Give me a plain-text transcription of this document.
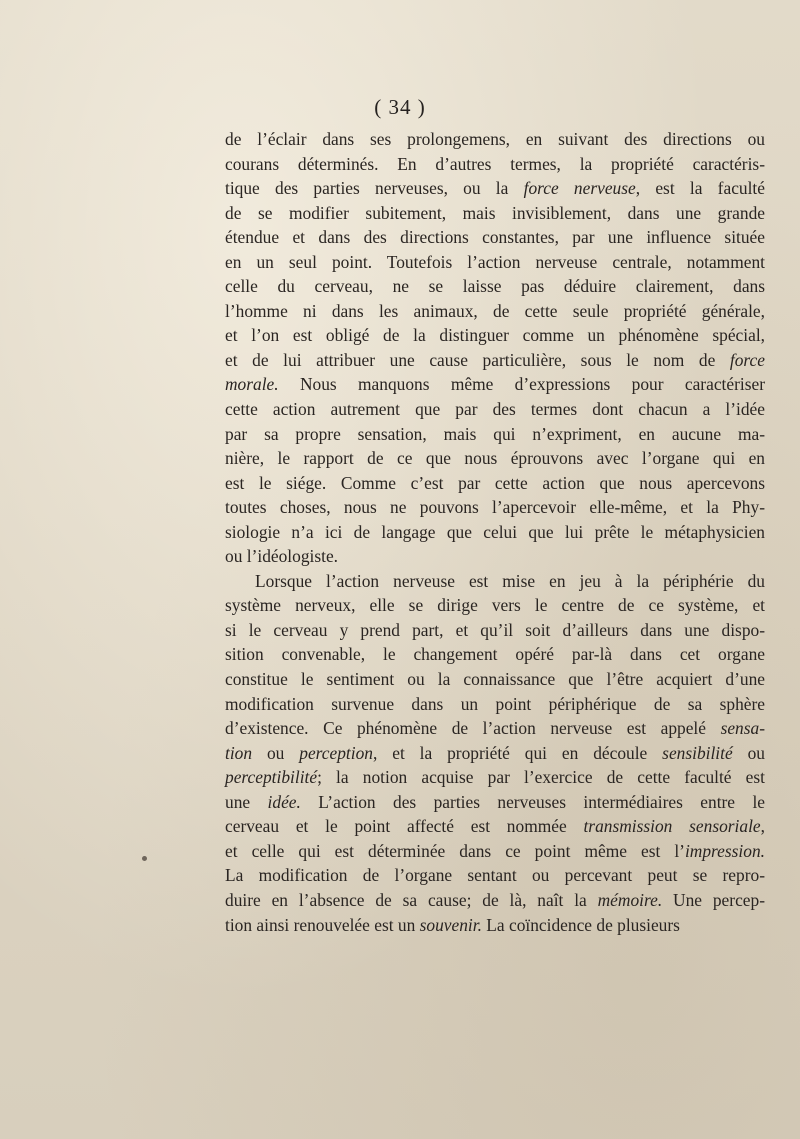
( 34 )
de l’éclair dans ses prolongemens, en suivant des directions ou
courans déterminés. En d’autres termes, la propriété caractéris-
tique des parties nerveuses, ou la force nerveuse, est la faculté
de se modifier subitement, mais invisiblement, dans une grande
étendue et dans des directions constantes, par une influence située
en un seul point. Toutefois l’action nerveuse centrale, notamment
celle du cerveau, ne se laisse pas déduire clairement, dans
l’homme ni dans les animaux, de cette seule propriété générale,
et l’on est obligé de la distinguer comme un phénomène spécial,
et de lui attribuer une cause particulière, sous le nom de force
morale. Nous manquons même d’expressions pour caractériser
cette action autrement que par des termes dont chacun a l’idée
par sa propre sensation, mais qui n’expriment, en aucune ma-
nière, le rapport de ce que nous éprouvons avec l’organe qui en
est le siége. Comme c’est par cette action que nous apercevons
toutes choses, nous ne pouvons l’apercevoir elle-même, et la Phy-
siologie n’a ici de langage que celui que lui prête le métaphysicien
ou l’idéologiste.
Lorsque l’action nerveuse est mise en jeu à la périphérie du
système nerveux, elle se dirige vers le centre de ce système, et
si le cerveau y prend part, et qu’il soit d’ailleurs dans une dispo-
sition convenable, le changement opéré par-là dans cet organe
constitue le sentiment ou la connaissance que l’être acquiert d’une
modification survenue dans un point périphérique de sa sphère
d’existence. Ce phénomène de l’action nerveuse est appelé sensa-
tion ou perception, et la propriété qui en découle sensibilité ou
perceptibilité; la notion acquise par l’exercice de cette faculté est
une idée. L’action des parties nerveuses intermédiaires entre le
cerveau et le point affecté est nommée transmission sensoriale,
et celle qui est déterminée dans ce point même est l’impression.
La modification de l’organe sentant ou percevant peut se repro-
duire en l’absence de sa cause; de là, naît la mémoire. Une percep-
tion ainsi renouvelée est un souvenir. La coïncidence de plusieurs
